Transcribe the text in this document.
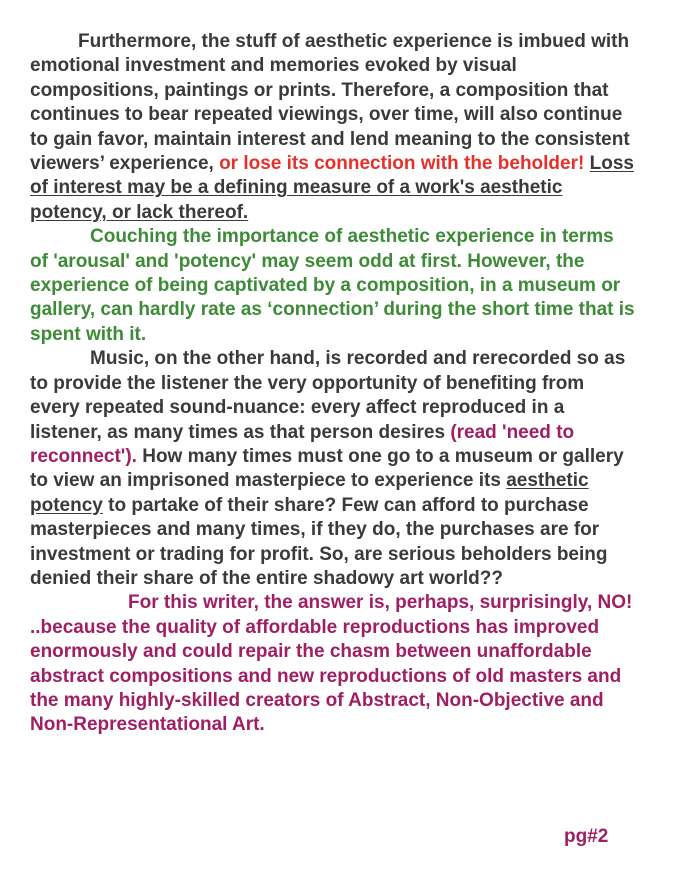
Furthermore, the stuff of aesthetic experience is imbued with emotional investment and memories evoked by visual compositions, paintings or prints. Therefore, a composition that continues to bear repeated viewings, over time, will also continue to gain favor, maintain interest and lend meaning to the consistent viewers’ experience, or lose its connection with the beholder! Loss of interest may be a defining measure of a work's aesthetic potency, or lack thereof.

Couching the importance of aesthetic experience in terms of 'arousal' and 'potency' may seem odd at first. However, the experience of being captivated by a composition, in a museum or gallery, can hardly rate as ‘connection’ during the short time that is spent with it.

Music, on the other hand, is recorded and rerecorded so as to provide the listener the very opportunity of benefiting from every repeated sound-nuance: every affect reproduced in a listener, as many times as that person desires (read 'need to reconnect'). How many times must one go to a museum or gallery to view an imprisoned masterpiece to experience its aesthetic potency to partake of their share? Few can afford to purchase masterpieces and many times, if they do, the purchases are for investment or trading for profit. So, are serious beholders being denied their share of the entire shadowy art world??

For this writer, the answer is, perhaps, surprisingly, NO! ..because the quality of affordable reproductions has improved enormously and could repair the chasm between unaffordable abstract compositions and new reproductions of old masters and the many highly-skilled creators of Abstract, Non-Objective and Non-Representational Art.

pg#2
